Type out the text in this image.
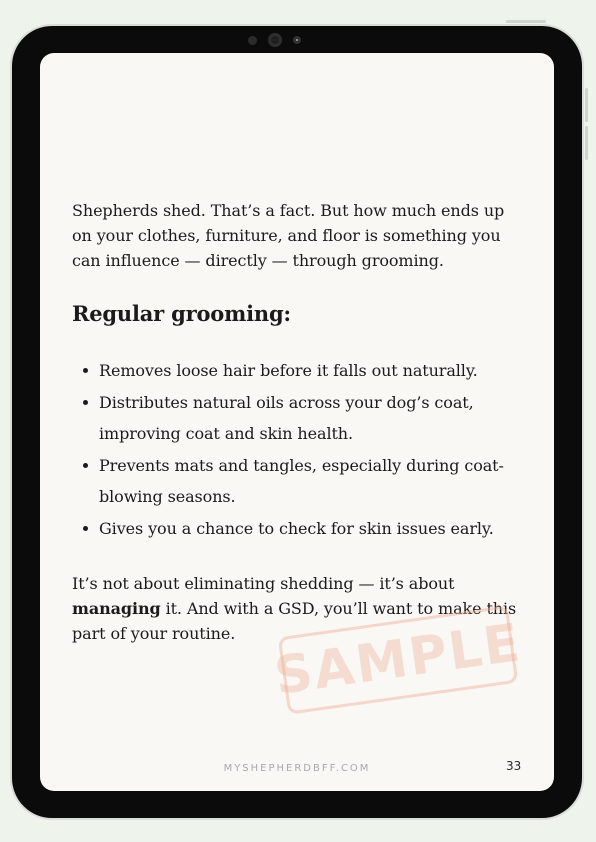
Shepherds shed. That’s a fact. But how much ends up on your clothes, furniture, and floor is something you can influence — directly — through grooming.

Regular grooming:
Removes loose hair before it falls out naturally.
Distributes natural oils across your dog’s coat, improving coat and skin health.
Prevents mats and tangles, especially during coat-blowing seasons.
Gives you a chance to check for skin issues early.

It’s not about eliminating shedding — it’s about managing it. And with a GSD, you’ll want to make this part of your routine. SAMPLE
MYSHEPHERDBFF.COM	33
